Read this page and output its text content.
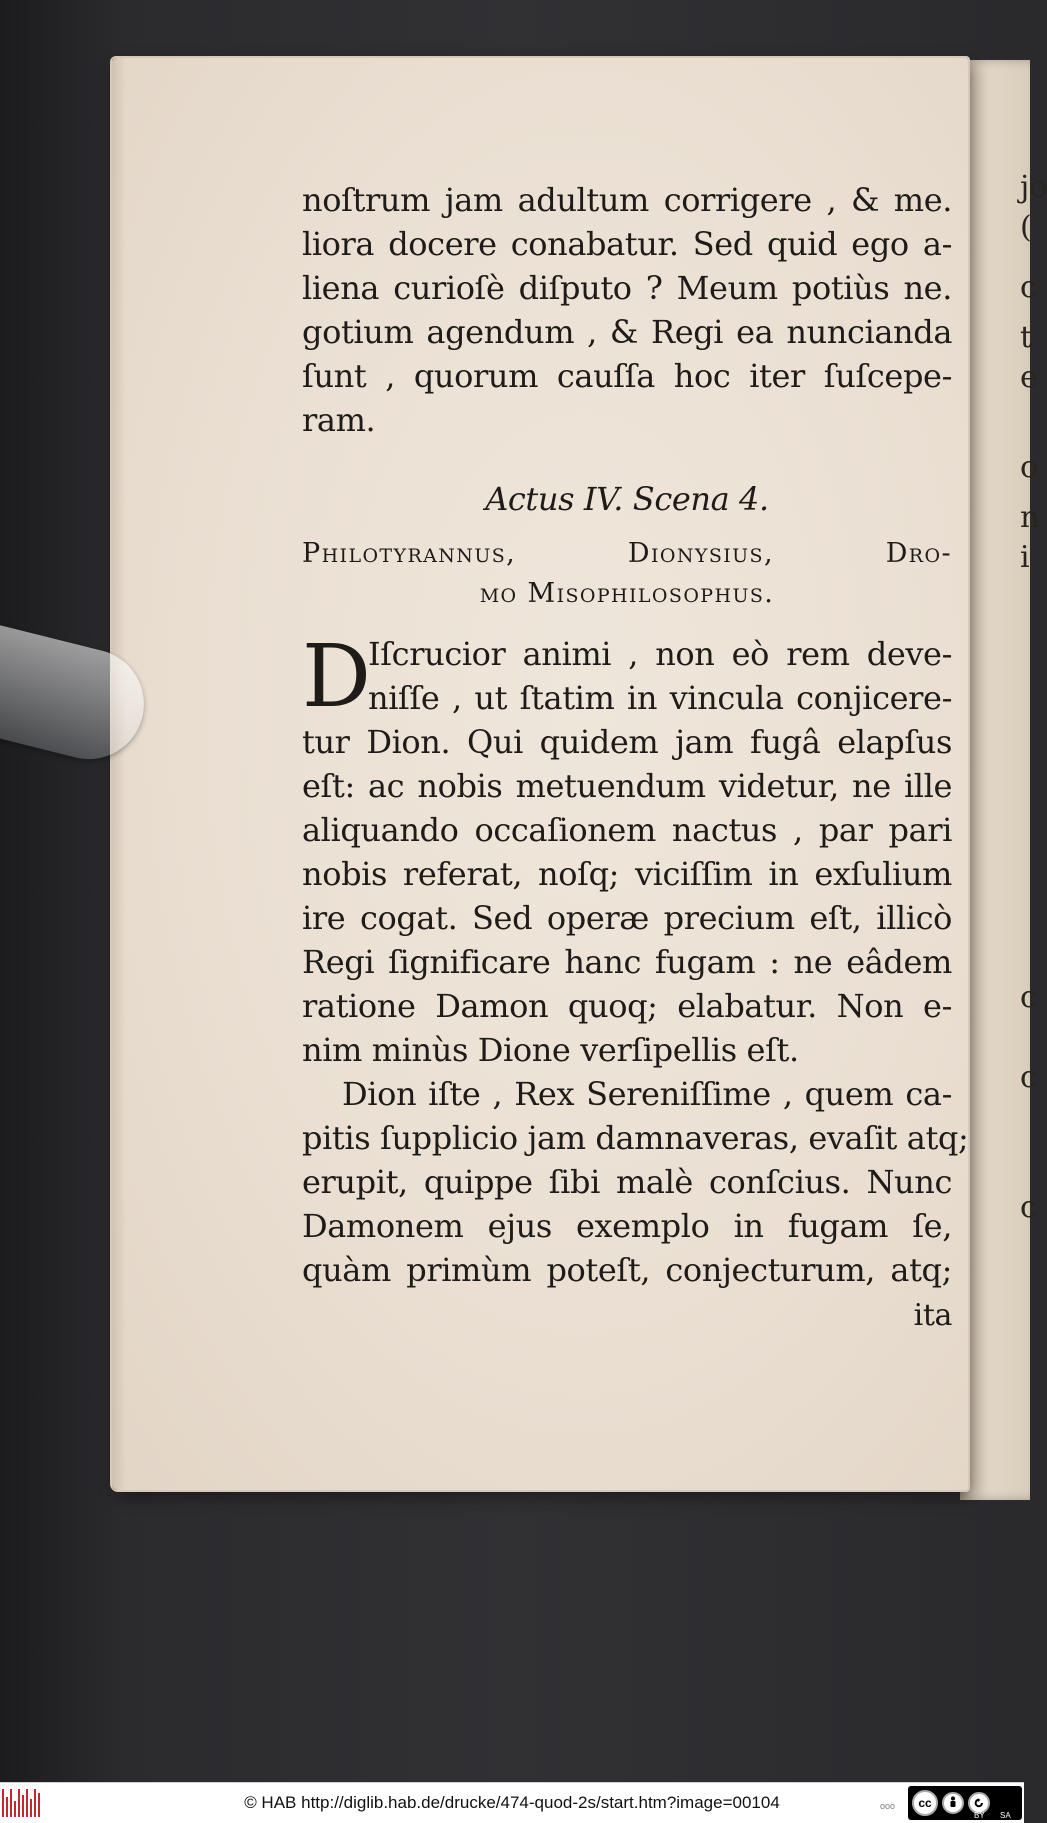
jo
(
c
t
e
o
n
i
c
c
c
noſtrum jam adultum corrigere , & me.
liora docere conabatur. Sed quid ego a-
liena curioſè diſputo ? Meum potiùs ne.
gotium agendum , & Regi ea nuncianda
ſunt , quorum cauſſa hoc iter ſuſcepe-
ram.
Actus IV. Scena 4.
Philotyrannus, Dionysius, Dro-
mo Misophilosophus.
D
Iſcrucior animi , non eò rem deve-
niſſe , ut ſtatim in vincula conjicere-
tur Dion. Qui quidem jam fugâ elapſus
eſt: ac nobis metuendum videtur, ne ille
aliquando occaſionem nactus , par pari
nobis referat, noſq; viciſſim in exſulium
ire cogat. Sed operæ precium eſt, illicò
Regi ſignificare hanc fugam : ne eâdem
ratione Damon quoq; elabatur. Non e-
nim minùs Dione verſipellis eſt.
Dion iſte , Rex Sereniſſime , quem ca-
pitis ſupplicio jam damnaveras, evaſit atq;
erupit, quippe ſibi malè conſcius. Nunc
Damonem ejus exemplo in fugam ſe,
quàm primùm poteſt, conjecturum, atq;
ita
© HAB http://diglib.hab.de/drucke/474-quod-2s/start.htm?image=00104	ooo	cc
BY SA
